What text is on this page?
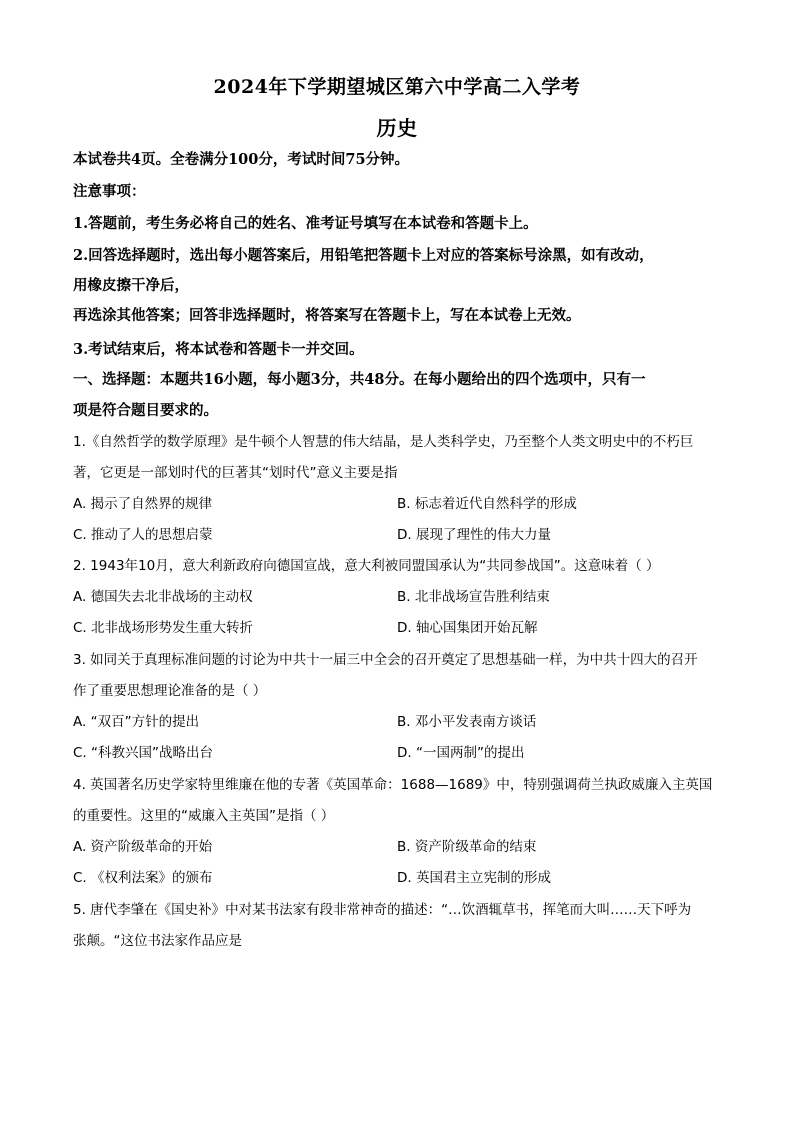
2024年下学期望城区第六中学高二入学考
历史
本试卷共4页。全卷满分100分，考试时间75分钟。
注意事项：
1.答题前，考生务必将自己的姓名、准考证号填写在本试卷和答题卡上。
2.回答选择题时，选出每小题答案后，用铅笔把答题卡上对应的答案标号涂黑，如有改动，
用橡皮擦干净后，
再选涂其他答案；回答非选择题时，将答案写在答题卡上，写在本试卷上无效。
3.考试结束后，将本试卷和答题卡一并交回。
一、选择题：本题共16小题，每小题3分，共48分。在每小题给出的四个选项中，只有一
项是符合题目要求的。
1.《自然哲学的数学原理》是牛顿个人智慧的伟大结晶，是人类科学史，乃至整个人类文明史中的不朽巨
著，它更是一部划时代的巨著其“划时代”意义主要是指
A. 揭示了自然界的规律	B. 标志着近代自然科学的形成
C. 推动了人的思想启蒙	D. 展现了理性的伟大力量
2. 1943年10月，意大利新政府向德国宣战，意大利被同盟国承认为“共同参战国”。这意味着（ ）
A. 德国失去北非战场的主动权	B. 北非战场宣告胜利结束
C. 北非战场形势发生重大转折	D. 轴心国集团开始瓦解
3. 如同关于真理标准问题的讨论为中共十一届三中全会的召开奠定了思想基础一样，为中共十四大的召开
作了重要思想理论准备的是（ ）
A. “双百”方针的提出	B. 邓小平发表南方谈话
C. “科教兴国”战略出台	D. “一国两制”的提出
4. 英国著名历史学家特里维廉在他的专著《英国革命：1688—1689》中，特别强调荷兰执政威廉入主英国
的重要性。这里的“威廉入主英国”是指（ ）
A. 资产阶级革命的开始	B. 资产阶级革命的结束
C. 《权利法案》的颁布	D. 英国君主立宪制的形成
5. 唐代李肇在《国史补》中对某书法家有段非常神奇的描述：“…饮酒辄草书，挥笔而大叫……天下呼为
张颠。“这位书法家作品应是
